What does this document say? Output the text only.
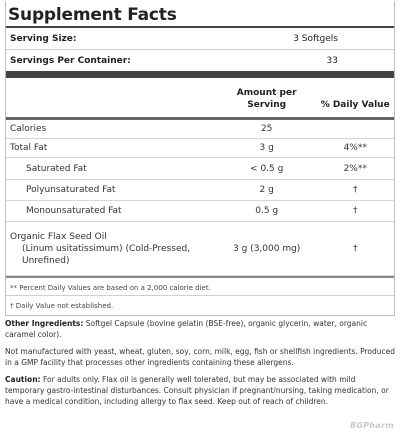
Supplement Facts
Serving Size:	3 Softgels
Servings Per Container:	33
Amount per
Serving	% Daily Value
Calories	25
Total Fat	3 g	4%**
Saturated Fat	< 0.5 g	2%**
Polyunsaturated Fat	2 g	†
Monounsaturated Fat	0.5 g	†
Organic Flax Seed Oil
(Linum usitatissimum) (Cold-Pressed,
Unrefined)
3 g (3,000 mg)	†
** Percent Daily Values are based on a 2,000 calorie diet.
† Daily Value not established.

Other Ingredients: Softgel Capsule (bovine gelatin (BSE-free), organic glycerin, water, organic caramel color).

Not manufactured with yeast, wheat, gluten, soy, corn, milk, egg, fish or shellfish ingredients. Produced in a GMP facility that processes other ingredients containing these allergens.

Caution: For adults only. Flax oil is generally well tolerated, but may be associated with mild temporary gastro-intestinal disturbances. Consult physician if pregnant/nursing, taking medication, or have a medical condition, including allergy to flax seed. Keep out of reach of children.

BGPharm
